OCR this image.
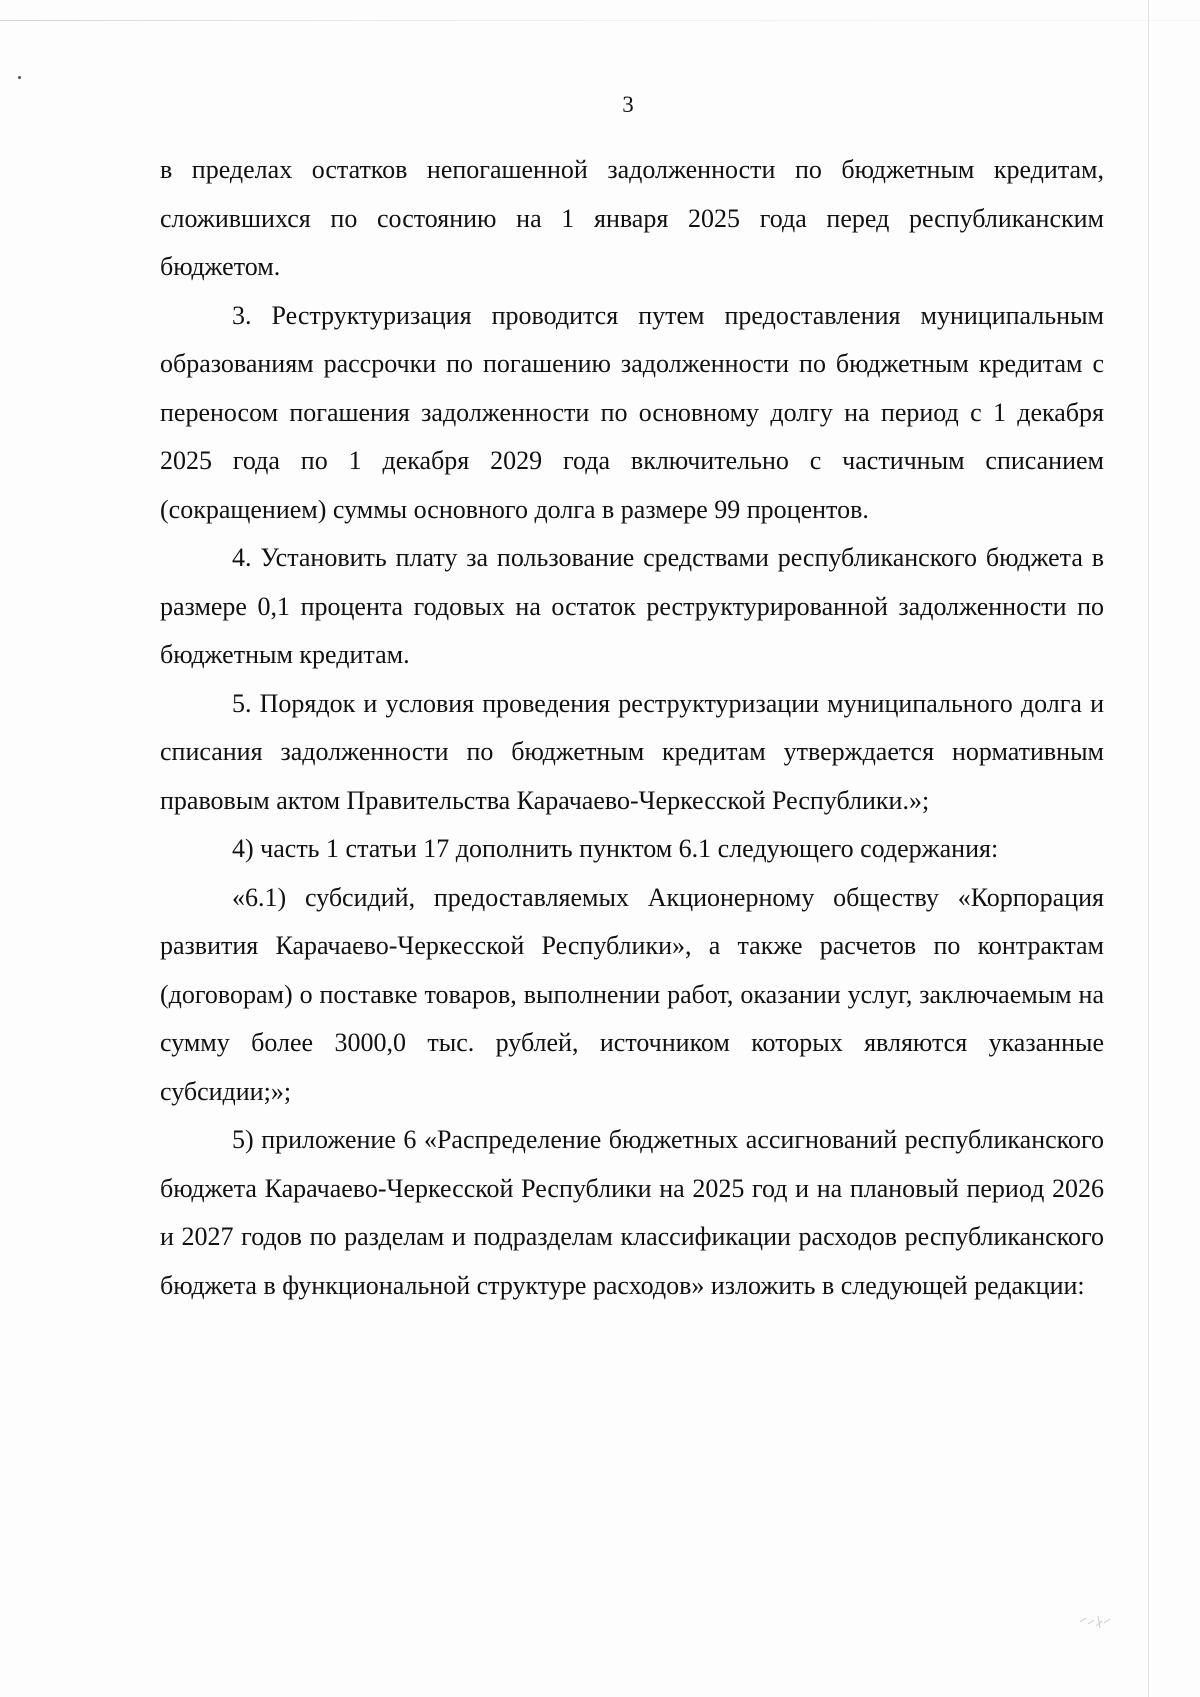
3

в пределах остатков непогашенной задолженности по бюджетным кредитам, сложившихся по состоянию на 1 января 2025 года перед республиканским бюджетом.

3. Реструктуризация проводится путем предоставления муниципальным образованиям рассрочки по погашению задолженности по бюджетным кредитам с переносом погашения задолженности по основному долгу на период с 1 декабря 2025 года по 1 декабря 2029 года включительно с частичным списанием (сокращением) суммы основного долга в размере 99 процентов.

4. Установить плату за пользование средствами республиканского бюджета в размере 0,1 процента годовых на остаток реструктурированной задолженности по бюджетным кредитам.

5. Порядок и условия проведения реструктуризации муниципального долга и списания задолженности по бюджетным кредитам утверждается нормативным правовым актом Правительства Карачаево-Черкесской Республики.»;

4) часть 1 статьи 17 дополнить пунктом 6.1 следующего содержания:

«6.1) субсидий, предоставляемых Акционерному обществу «Корпорация развития Карачаево-Черкесской Республики», а также расчетов по контрактам (договорам) о поставке товаров, выполнении работ, оказании услуг, заключаемым на сумму более 3000,0 тыс. рублей, источником которых являются указанные субсидии;»;

5) приложение 6 «Распределение бюджетных ассигнований республиканского бюджета Карачаево-Черкесской Республики на 2025 год и на плановый период 2026 и 2027 годов по разделам и подразделам классификации расходов республиканского бюджета в функциональной структуре расходов» изложить в следующей редакции:
